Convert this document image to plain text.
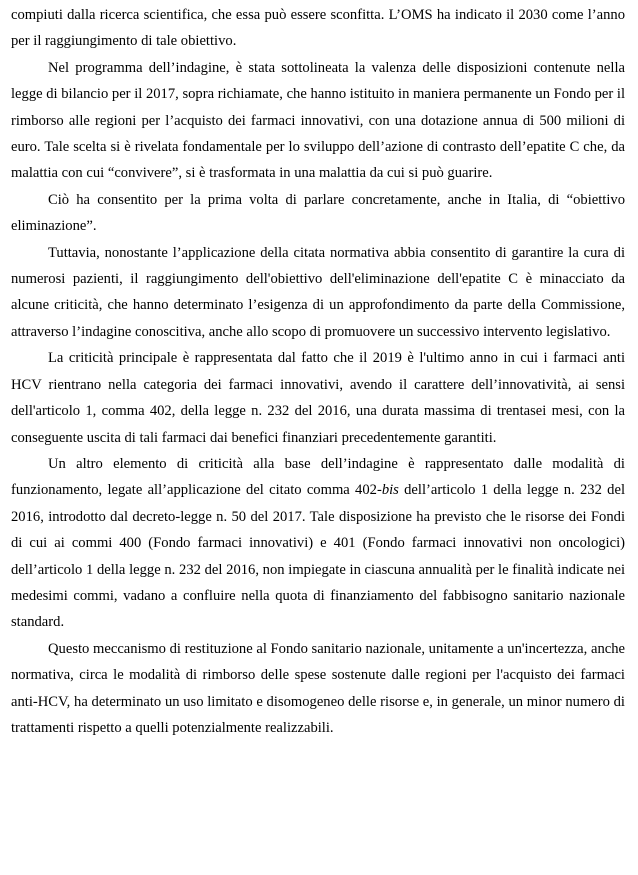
compiuti dalla ricerca scientifica, che essa può essere sconfitta. L’OMS ha indicato il 2030 come l’anno per il raggiungimento di tale obiettivo.

Nel programma dell’indagine, è stata sottolineata la valenza delle disposizioni contenute nella legge di bilancio per il 2017, sopra richiamate, che hanno istituito in maniera permanente un Fondo per il rimborso alle regioni per l’acquisto dei farmaci innovativi, con una dotazione annua di 500 milioni di euro. Tale scelta si è rivelata fondamentale per lo sviluppo dell’azione di contrasto dell’epatite C che, da malattia con cui “convivere”, si è trasformata in una malattia da cui si può guarire.

Ciò ha consentito per la prima volta di parlare concretamente, anche in Italia, di “obiettivo eliminazione”.

Tuttavia, nonostante l’applicazione della citata normativa abbia consentito di garantire la cura di numerosi pazienti, il raggiungimento dell'obiettivo dell'eliminazione dell'epatite C è minacciato da alcune criticità, che hanno determinato l’esigenza di un approfondimento da parte della Commissione, attraverso l’indagine conoscitiva, anche allo scopo di promuovere un successivo intervento legislativo.

La criticità principale è rappresentata dal fatto che il 2019 è l'ultimo anno in cui i farmaci anti HCV rientrano nella categoria dei farmaci innovativi, avendo il carattere dell’innovatività, ai sensi dell'articolo 1, comma 402, della legge n. 232 del 2016, una durata massima di trentasei mesi, con la conseguente uscita di tali farmaci dai benefici finanziari precedentemente garantiti.

Un altro elemento di criticità alla base dell’indagine è rappresentato dalle modalità di funzionamento, legate all’applicazione del citato comma 402-bis dell’articolo 1 della legge n. 232 del 2016, introdotto dal decreto-legge n. 50 del 2017. Tale disposizione ha previsto che le risorse dei Fondi di cui ai commi 400 (Fondo farmaci innovativi) e 401 (Fondo farmaci innovativi non oncologici) dell’articolo 1 della legge n. 232 del 2016, non impiegate in ciascuna annualità per le finalità indicate nei medesimi commi, vadano a confluire nella quota di finanziamento del fabbisogno sanitario nazionale standard.

Questo meccanismo di restituzione al Fondo sanitario nazionale, unitamente a un'incertezza, anche normativa, circa le modalità di rimborso delle spese sostenute dalle regioni per l'acquisto dei farmaci anti-HCV, ha determinato un uso limitato e disomogeneo delle risorse e, in generale, un minor numero di trattamenti rispetto a quelli potenzialmente realizzabili.
